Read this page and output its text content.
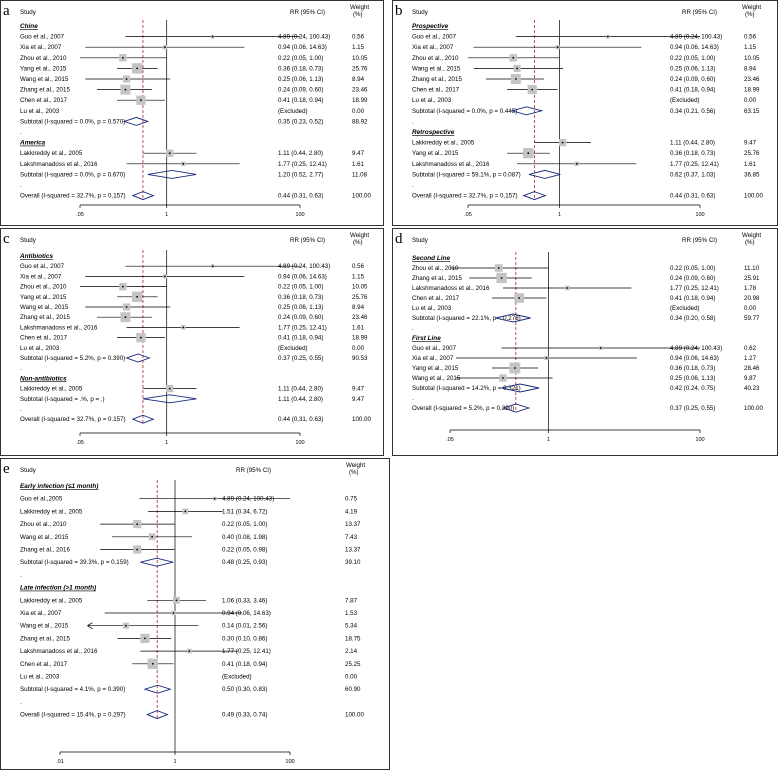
a Study	RR (95% CI)
Weight
(%)
.05	1	100
Chine
Guo et al., 2007	4.89 (0.24, 100.43)	0.56
Xia et al., 2007	0.94 (0.06, 14.63)	1.15
Zhou et al., 2010	0.22 (0.05, 1.00)	10.05
Yang et al., 2015	0.36 (0.18, 0.73)	25.76
Wang et al., 2015	0.25 (0.06, 1.13)	8.94
Zhang et al., 2015	0.24 (0.09, 0.60)	23.46
Chen et al., 2017	0.41 (0.18, 0.94)	18.99
Lu et al., 2003	(Excluded)	0.00
Subtotal (I-squared = 0.0%, p = 0.570)	0.35 (0.23, 0.52)	88.92
.
America
Lakkireddy et al., 2005	1.11 (0.44, 2.80)	9.47
Lakshmanadoss et al., 2016	1.77 (0.25, 12.41)	1.61
Subtotal (I-squared = 0.0%, p = 0.670)	1.20 (0.52, 2.77)	11.08
.
Overall (I-squared = 32.7%, p = 0.157)	0.44 (0.31, 0.63)	100.00
b Study	RR (95% CI)
Weight
(%)
.05	1	100
Prospective
Guo et al., 2007	4.89 (0.24, 100.43)	0.56
Xia et al., 2007	0.94 (0.06, 14.63)	1.15
Zhou et al., 2010	0.22 (0.05, 1.00)	10.05
Wang et al., 2015	0.25 (0.06, 1.13)	8.94
Zhang et al., 2015	0.24 (0.09, 0.60)	23.46
Chen et al., 2017	0.41 (0.18, 0.94)	18.99
Lu et al., 2003	(Excluded)	0.00
Subtotal (I-squared = 0.0%, p = 0.445)	0.34 (0.21, 0.56)	63.15
.
Retrospective
Lakkireddy et al., 2005	1.11 (0.44, 2.80)	9.47
Yang et al., 2015	0.36 (0.18, 0.73)	25.76
Lakshmanadoss et al., 2016	1.77 (0.25, 12.41)	1.61
Subtotal (I-squared = 59.1%, p = 0.087)	0.62 (0.37, 1.03)	36.85
.
Overall (I-squared = 32.7%, p = 0.157)	0.44 (0.31, 0.63)	100.00
c Study	RR (95% CI)
Weight
(%)
.05	1	100
Antibiotics
Guo et al., 2007	4.89 (0.24, 100.43)	0.56
Xia et al., 2007	0.94 (0.06, 14.63)	1.15
Zhou et al., 2010	0.22 (0.05, 1.00)	10.05
Yang et al., 2015	0.36 (0.18, 0.73)	25.76
Wang et al., 2015	0.25 (0.06, 1.13)	8.94
Zhang et al., 2015	0.24 (0.09, 0.60)	23.46
Lakshmanadoss et al., 2016	1.77 (0.25, 12.41)	1.61
Chen et al., 2017	0.41 (0.18, 0.94)	18.99
Lu et al., 2003	(Excluded)	0.00
Subtotal (I-squared = 5.2%, p = 0.390)	0.37 (0.25, 0.55)	90.53
.
Non-antibiotics
Lakkireddy et al., 2005	1.11 (0.44, 2.80)	9.47
Subtotal (I-squared = .%, p = .)	1.11 (0.44, 2.80)	9.47
.
Overall (I-squared = 32.7%, p = 0.157)	0.44 (0.31, 0.63)	100.00
d Study	RR (95% CI)
Weight
(%)
.05	1	100
Second Line
Zhou et al., 2010	0.22 (0.05, 1.00)	11.10
Zhang et al., 2015	0.24 (0.09, 0.60)	25.91
Lakshmanadoss et al., 2016	1.77 (0.25, 12.41)	1.78
Chen et al., 2017	0.41 (0.18, 0.94)	20.98
Lu et al., 2003	(Excluded)	0.00
Subtotal (I-squared = 22.1%, p = 0.278)	0.34 (0.20, 0.58)	59.77
.
First Line
Guo et al., 2007	4.89 (0.24, 100.43)	0.62
Xia et al., 2007	0.94 (0.06, 14.63)	1.27
Yang et al., 2015	0.36 (0.18, 0.73)	28.46
Wang et al., 2015	0.25 (0.06, 1.13)	9.87
Subtotal (I-squared = 14.2%, p = 0.321)	0.42 (0.24, 0.75)	40.23
.
Overall (I-squared = 5.2%, p = 0.390)	0.37 (0.25, 0.55)	100.00
e Study	RR (95% CI)
Weight
(%)
.01	1	100
Early infection (≤1 month)
Guo et al.,2005	4.89 (0.24, 100.43)	0.75
Lakkireddy et al., 2005	1.51 (0.34, 6.72)	4.19
Zhou et al., 2010	0.22 (0.05, 1.00)	13.37
Wang et al., 2015	0.40 (0.08, 1.98)	7.43
Zhang et al., 2016	0.22 (0.05, 0.98)	13.37
Subtotal (I-squared = 39.3%, p = 0.159)	0.48 (0.25, 0.93)	39.10
.
Late infection (>1 month)
Lakkireddy et al., 2005	1.06 (0.33, 3.46)	7.87
Xia et al., 2007	0.94 (0.06, 14.63)	1.53
Wang et al., 2015	0.14 (0.01, 2.56)	5.34
Zhang et al., 2015	0.30 (0.10, 0.86)	18.75
Lakshmanadoss et al., 2016	1.77 (0.25, 12.41)	2.14
Chen et al., 2017	0.41 (0.18, 0.94)	25.25
Lu et al., 2003	(Excluded)	0.00
Subtotal (I-squared = 4.1%, p = 0.390)	0.50 (0.30, 0.83)	60.90
.
Overall (I-squared = 15.4%, p = 0.297)	0.49 (0.33, 0.74)	100.00
